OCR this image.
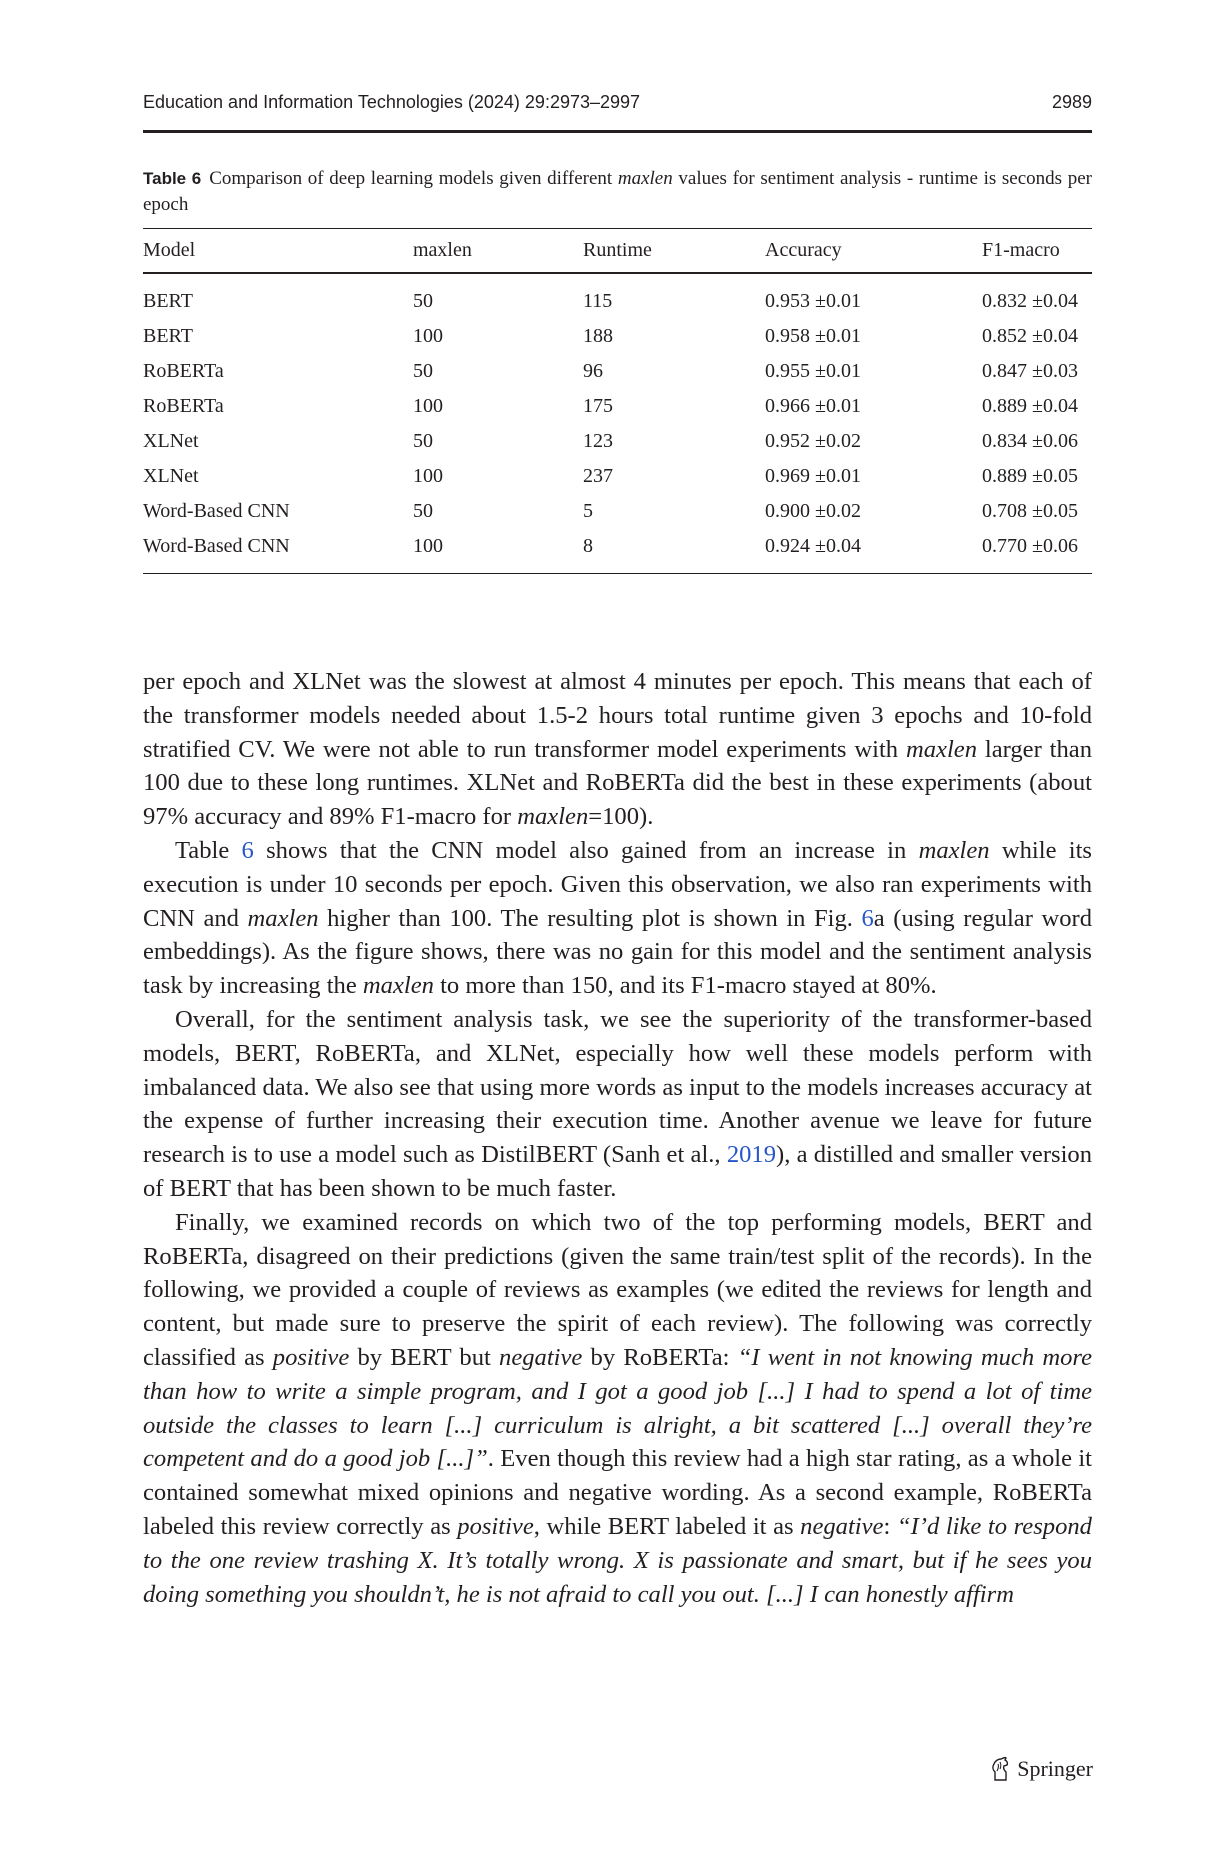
Education and Information Technologies (2024) 29:2973–2997	2989
Table 6 Comparison of deep learning models given different maxlen values for sentiment analysis - runtime is seconds per epoch
Model	maxlen	Runtime	Accuracy	F1-macro
BERT	50	115	0.953 ±0.01	0.832 ±0.04
BERT	100	188	0.958 ±0.01	0.852 ±0.04
RoBERTa	50	96	0.955 ±0.01	0.847 ±0.03
RoBERTa	100	175	0.966 ±0.01	0.889 ±0.04
XLNet	50	123	0.952 ±0.02	0.834 ±0.06
XLNet	100	237	0.969 ±0.01	0.889 ±0.05
Word-Based CNN	50	5	0.900 ±0.02	0.708 ±0.05
Word-Based CNN	100	8	0.924 ±0.04	0.770 ±0.06

per epoch and XLNet was the slowest at almost 4 minutes per epoch. This means that each of the transformer models needed about 1.5-2 hours total runtime given 3 epochs and 10-fold stratified CV. We were not able to run transformer model experiments with maxlen larger than 100 due to these long runtimes. XLNet and RoBERTa did the best in these experiments (about 97% accuracy and 89% F1-macro for maxlen=100).

Table 6 shows that the CNN model also gained from an increase in maxlen while its execution is under 10 seconds per epoch. Given this observation, we also ran experiments with CNN and maxlen higher than 100. The resulting plot is shown in Fig. 6a (using regular word embeddings). As the figure shows, there was no gain for this model and the sentiment analysis task by increasing the maxlen to more than 150, and its F1-macro stayed at 80%.

Overall, for the sentiment analysis task, we see the superiority of the transformer-based models, BERT, RoBERTa, and XLNet, especially how well these models perform with imbalanced data. We also see that using more words as input to the models increases accuracy at the expense of further increasing their execution time. Another avenue we leave for future research is to use a model such as DistilBERT (Sanh et al., 2019), a distilled and smaller version of BERT that has been shown to be much faster.

Finally, we examined records on which two of the top performing models, BERT and RoBERTa, disagreed on their predictions (given the same train/test split of the records). In the following, we provided a couple of reviews as examples (we edited the reviews for length and content, but made sure to preserve the spirit of each review). The following was correctly classified as positive by BERT but negative by RoBERTa: “I went in not knowing much more than how to write a simple program, and I got a good job [...] I had to spend a lot of time outside the classes to learn [...] curriculum is alright, a bit scattered [...] overall they’re competent and do a good job [...]”. Even though this review had a high star rating, as a whole it contained somewhat mixed opinions and negative wording. As a second example, RoBERTa labeled this review correctly as positive, while BERT labeled it as negative: “I’d like to respond to the one review trashing X. It’s totally wrong. X is passionate and smart, but if he sees you doing something you shouldn’t, he is not afraid to call you out. [...] I can honestly affirm

Springer
